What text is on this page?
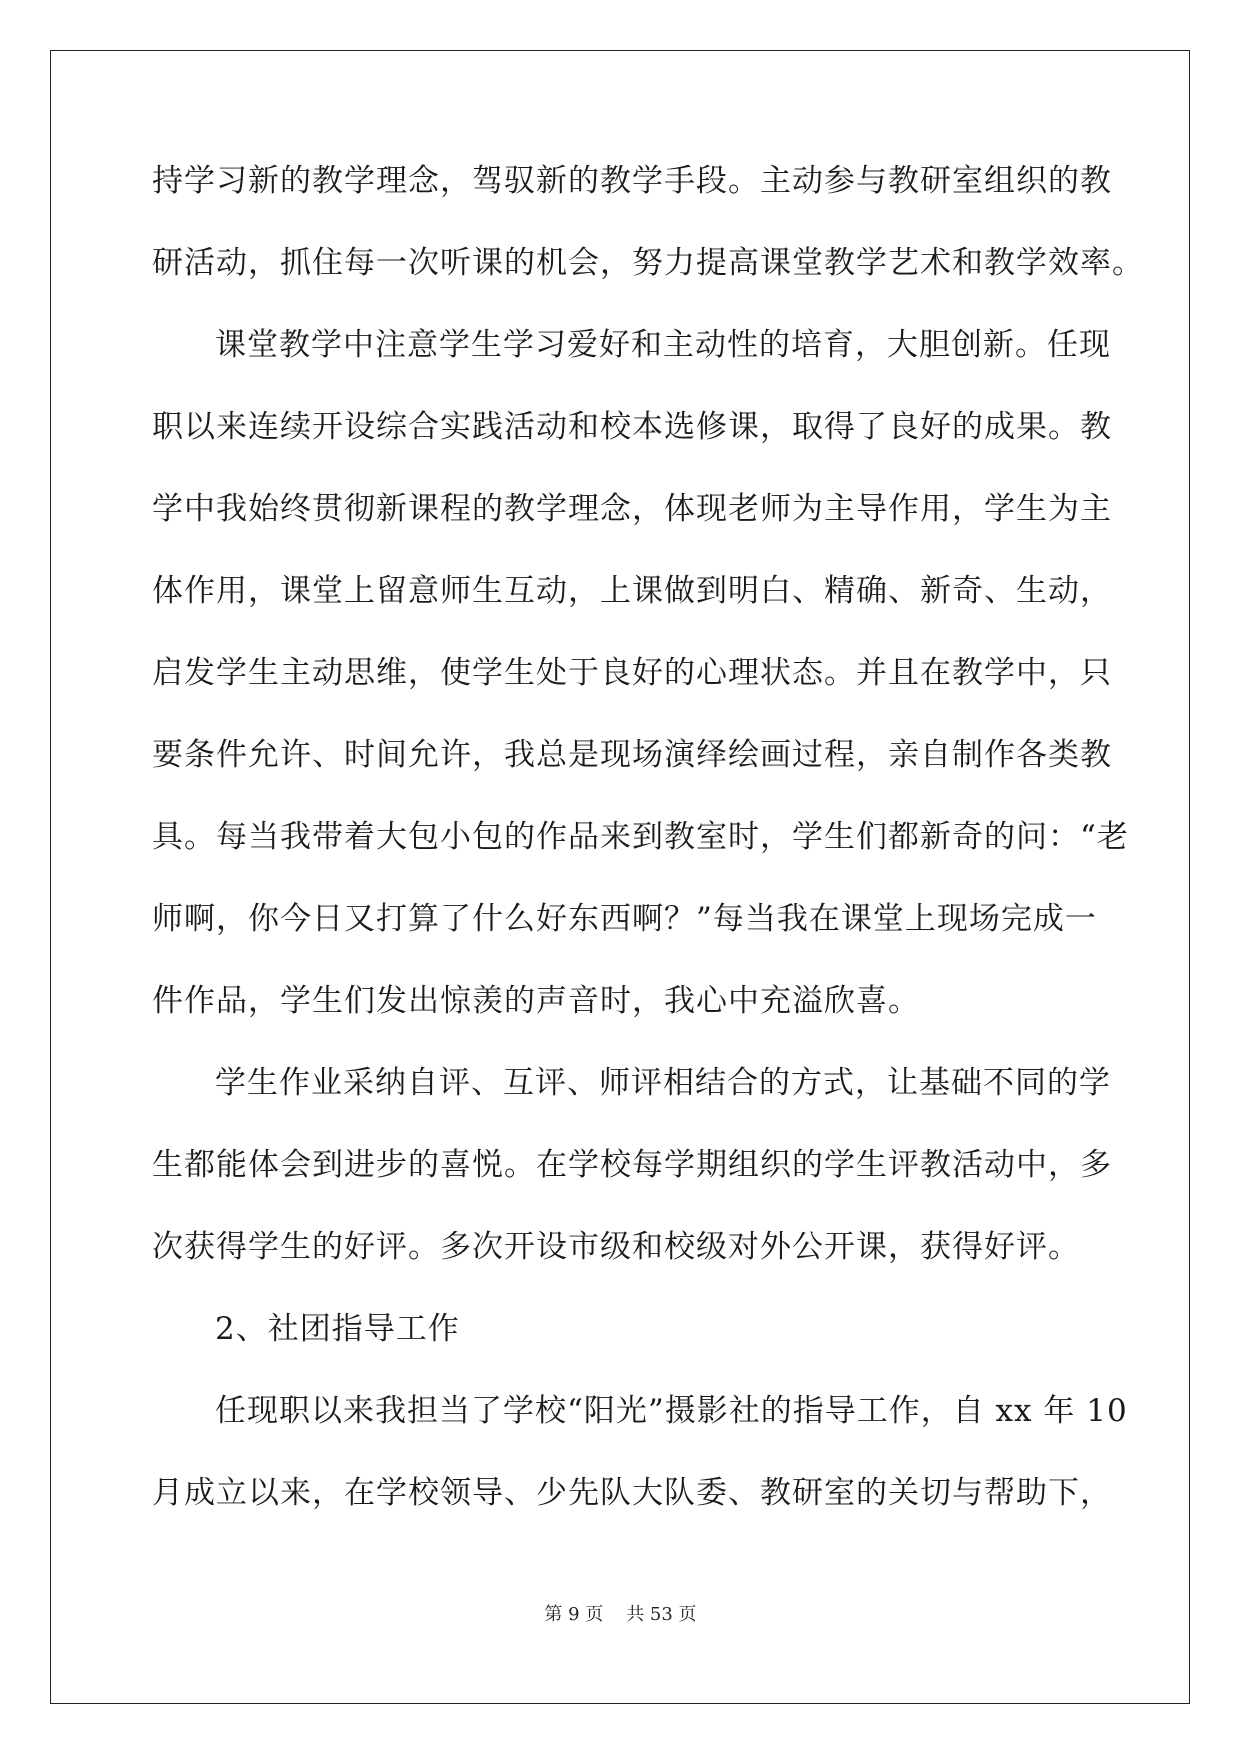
持学习新的教学理念，驾驭新的教学手段。主动参与教研室组织的教
研活动，抓住每一次听课的机会，努力提高课堂教学艺术和教学效率。
课堂教学中注意学生学习爱好和主动性的培育，大胆创新。任现
职以来连续开设综合实践活动和校本选修课，取得了良好的成果。教
学中我始终贯彻新课程的教学理念，体现老师为主导作用，学生为主
体作用，课堂上留意师生互动，上课做到明白、精确、新奇、生动，
启发学生主动思维，使学生处于良好的心理状态。并且在教学中，只
要条件允许、时间允许，我总是现场演绎绘画过程，亲自制作各类教
具。每当我带着大包小包的作品来到教室时，学生们都新奇的问：“老
师啊，你今日又打算了什么好东西啊？”每当我在课堂上现场完成一
件作品，学生们发出惊羡的声音时，我心中充溢欣喜。
学生作业采纳自评、互评、师评相结合的方式，让基础不同的学
生都能体会到进步的喜悦。在学校每学期组织的学生评教活动中，多
次获得学生的好评。多次开设市级和校级对外公开课，获得好评。
2、社团指导工作
任现职以来我担当了学校“阳光”摄影社的指导工作，自 xx 年 10
月成立以来，在学校领导、少先队大队委、教研室的关切与帮助下，
第 9 页    共 53 页
